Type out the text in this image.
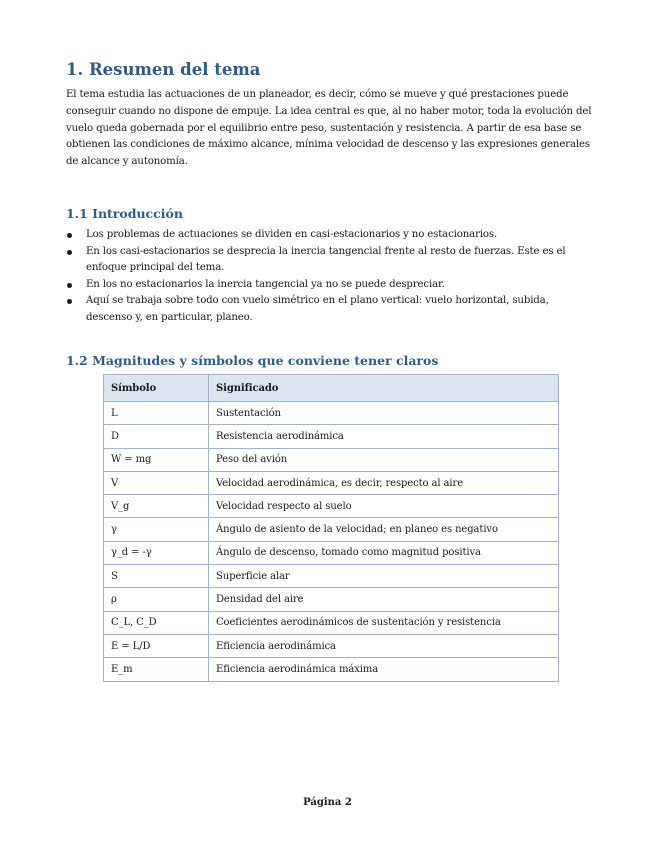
1. Resumen del tema

El tema estudia las actuaciones de un planeador, es decir, cómo se mueve y qué prestaciones puede conseguir cuando no dispone de empuje. La idea central es que, al no haber motor, toda la evolución del vuelo queda gobernada por el equilibrio entre peso, sustentación y resistencia. A partir de esa base se obtienen las condiciones de máximo alcance, mínima velocidad de descenso y las expresiones generales de alcance y autonomía.

1.1 Introducción
Los problemas de actuaciones se dividen en casi-estacionarios y no estacionarios.
En los casi-estacionarios se desprecia la inercia tangencial frente al resto de fuerzas. Este es el enfoque principal del tema.
En los no estacionarios la inercia tangencial ya no se puede despreciar.
Aquí se trabaja sobre todo con vuelo simétrico en el plano vertical: vuelo horizontal, subida, descenso y, en particular, planeo.
1.2 Magnitudes y símbolos que conviene tener claros
Símbolo	Significado
L	Sustentación
D	Resistencia aerodinámica
W = mg	Peso del avión
V	Velocidad aerodinámica, es decir, respecto al aire
V_g	Velocidad respecto al suelo
γ	Ángulo de asiento de la velocidad; en planeo es negativo
γ_d = -γ	Ángulo de descenso, tomado como magnitud positiva
S	Superficie alar
ρ	Densidad del aire
C_L, C_D	Coeficientes aerodinámicos de sustentación y resistencia
E = L/D	Eficiencia aerodinámica
E_m	Eficiencia aerodinámica máxima
Página 2
